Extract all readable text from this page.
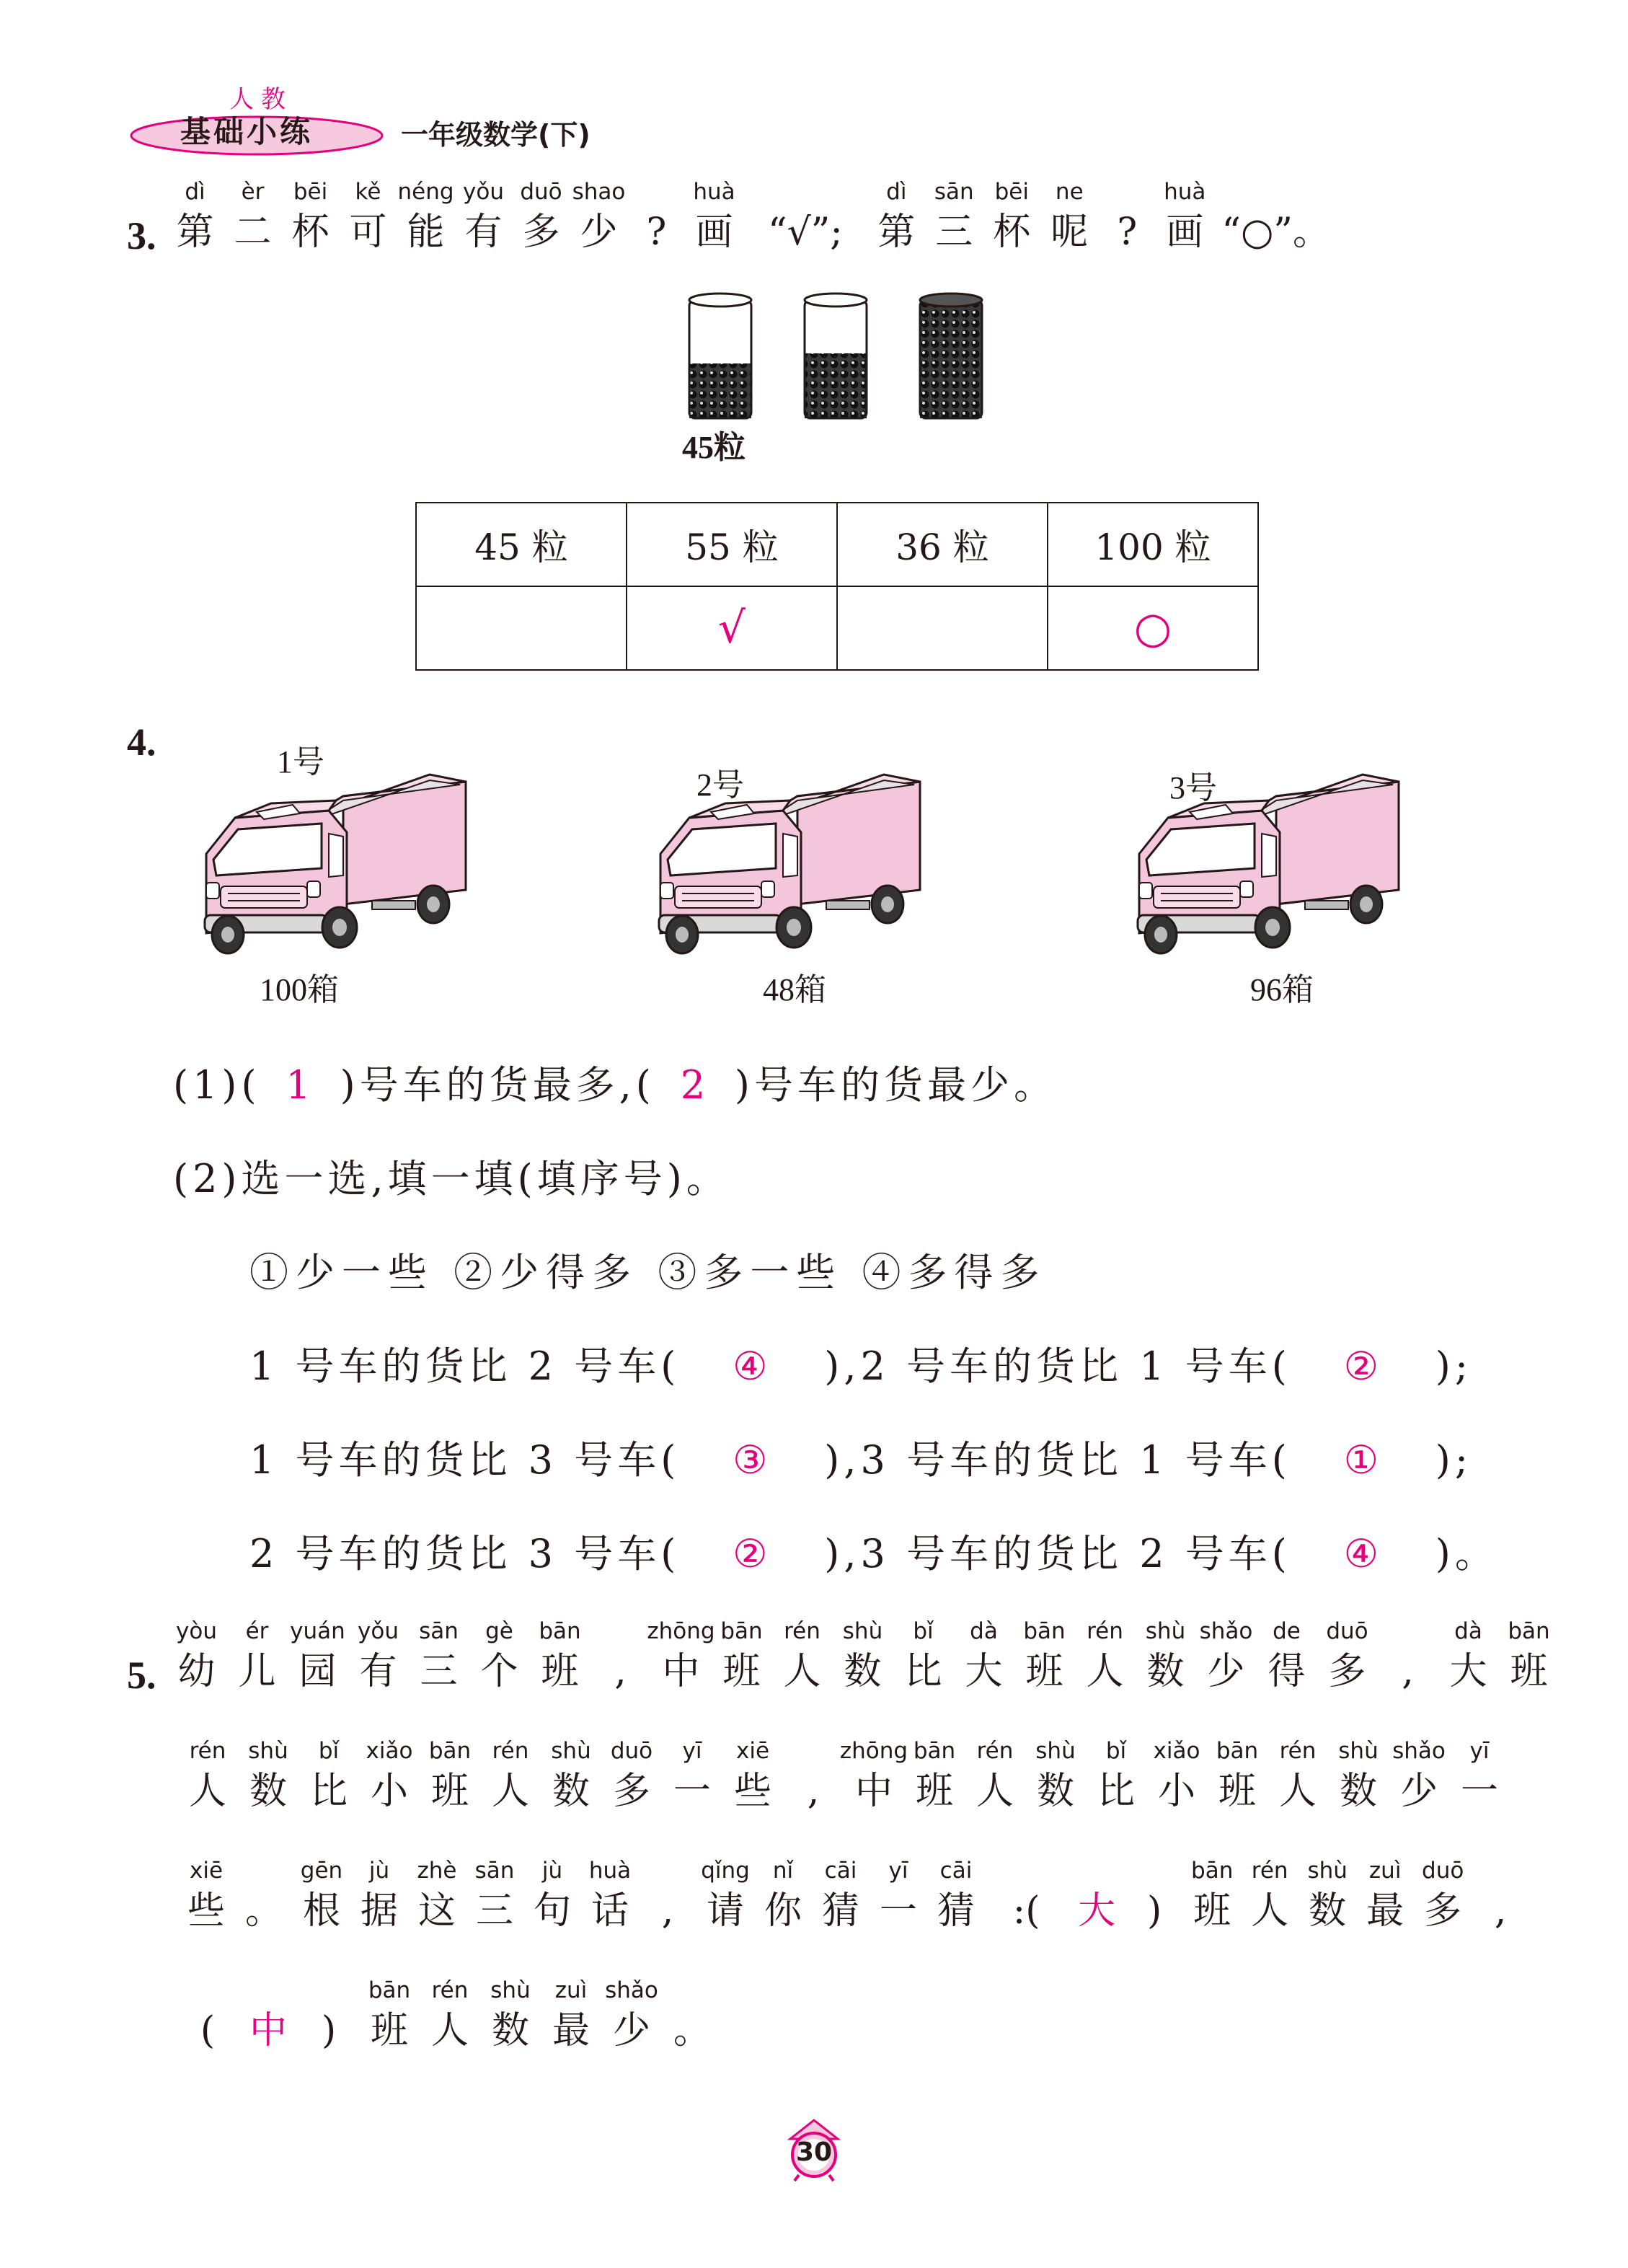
人教
基础小练	一年级数学(下)
3.
dì
第
èr
二
bēi
杯
kě
可
néng
能
yǒu
有
duō
多
shao
少 ?
huà
画 “√”;
dì
第
sān
三
bēi
杯
ne
呢 ?
huà
画 “○”。
45粒
45 粒	55 粒	36 粒	100 粒
	√		○
4.	1号
2号	3号
100箱	48箱	96箱
(1)( 1 )号车的货最多,( 2 )号车的货最少。
(2)选一选,填一填(填序号)。
①少一些 ②少得多 ③多一些 ④多得多
1 号车的货比 2 号车( ④ ),2 号车的货比 1 号车( ② );
1 号车的货比 3 号车( ③ ),3 号车的货比 1 号车( ① );
2 号车的货比 3 号车( ② ),3 号车的货比 2 号车( ④ )。
5.
yòu
幼
ér
儿
yuán
园
yǒu
有
sān
三
gè
个
bān
班 ,
zhōng
中
bān
班
rén
人
shù
数
bǐ
比
dà
大
bān
班
rén
人
shù
数
shǎo
少
de
得
duō
多 ,
dà
大
bān
班
rén
人
shù
数
bǐ
比
xiǎo
小
bān
班
rén
人
shù
数
duō
多
yī
一
xiē
些 ,
zhōng
中
bān
班
rén
人
shù
数
bǐ
比
xiǎo
小
bān
班
rén
人
shù
数
shǎo
少
yī
一
xiē
些 。
gēn
根
jù
据
zhè
这
sān
三
jù
句
huà
话 ,
qǐng
请
nǐ
你
cāi
猜
yī
一
cāi
猜 :( 大 )
bān
班
rén
人
shù
数
zuì
最
duō
多 ,
( 中 )
bān
班
rén
人
shù
数
zuì
最
shǎo
少 。
30
